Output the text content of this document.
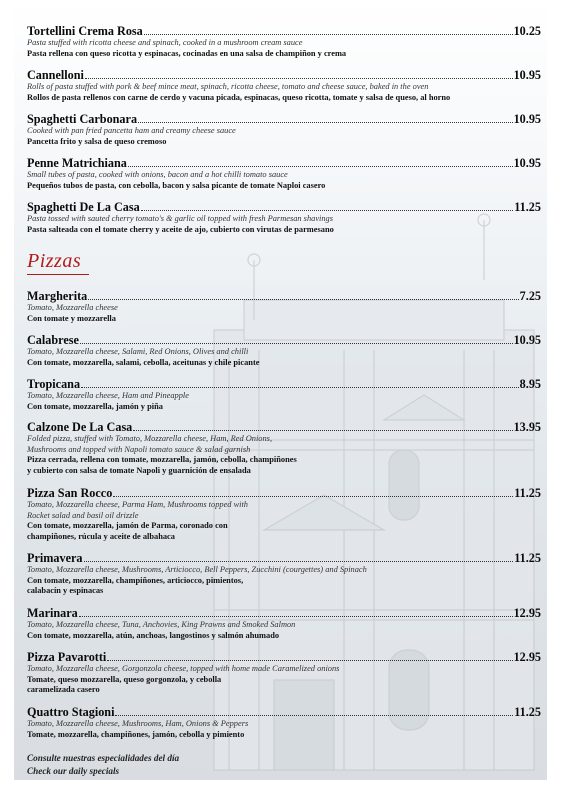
Tortellini Crema Rosa	10.25
Pasta stuffed with ricotta cheese and spinach, cooked in a mushroom cream sauce
Pasta rellena con queso ricotta y espinacas, cocinadas en una salsa de champiñon y crema
Cannelloni	10.95
Rolls of pasta stuffed with pork & beef mince meat, spinach, ricotta cheese, tomato and cheese sauce, baked in the oven
Rollos de pasta rellenos con carne de cerdo y vacuna picada, espinacas, queso ricotta, tomate y salsa de queso, al horno
Spaghetti Carbonara	10.95
Cooked with pan fried pancetta ham and creamy cheese sauce
Pancetta frito y salsa de queso cremoso
Penne Matrichiana	10.95
Small tubes of pasta, cooked with onions, bacon and a hot chilli tomato sauce
Pequeños tubos de pasta, con cebolla, bacon y salsa picante de tomate Naploi casero
Spaghetti De La Casa	11.25
Pasta tossed with sauted cherry tomato's & garlic oil topped with fresh Parmesan shavings
Pasta salteada con el tomate cherry y aceite de ajo, cubierto con virutas de parmesano
Pizzas
Margherita	7.25
Tomato, Mozzarella cheese
Con tomate y mozzarella
Calabrese	10.95
Tomato, Mozzarella cheese, Salami, Red Onions, Olives and chilli
Con tomate, mozzarella, salami, cebolla, aceitunas y chile picante
Tropicana	8.95
Tomato, Mozzarella cheese, Ham and Pineapple
Con tomate, mozzarella, jamón y piña
Calzone De La Casa	13.95
Folded pizza, stuffed with Tomato, Mozzarella cheese, Ham, Red Onions,
Mushrooms and topped with Napoli tomato sauce & salad garnish
Pizza cerrada, rellena con tomate, mozzarella, jamón, cebolla, champiñones
y cubierto con salsa de tomate Napoli y guarnición de ensalada
Pizza San Rocco	11.25
Tomato, Mozzarella cheese, Parma Ham, Mushrooms topped with
Rocket salad and basil oil drizzle
Con tomate, mozzarella, jamón de Parma, coronado con
champiñones, rúcula y aceite de albahaca
Primavera	11.25
Tomato, Mozzarella cheese, Mushrooms, Articiocco, Bell Peppers, Zucchini (courgettes) and Spinach
Con tomate, mozzarella, champiñones, articiocco, pimientos,
calabacín y espinacas
Marinara	12.95
Tomato, Mozzarella cheese, Tuna, Anchovies, King Prawns and Smoked Salmon
Con tomate, mozzarella, atún, anchoas, langostinos y salmón ahumado
Pizza Pavarotti	12.95
Tomato, Mozzarella cheese, Gorgonzola cheese, topped with home made Caramelized onions
Tomate, queso mozzarella, queso gorgonzola, y cebolla
caramelizada casero
Quattro Stagioni	11.25
Tomato, Mozzarella cheese, Mushrooms, Ham, Onions & Peppers
Tomate, mozzarella, champiñones, jamón, cebolla y pimiento
Consulte nuestras especialidades del día
Check our daily specials
